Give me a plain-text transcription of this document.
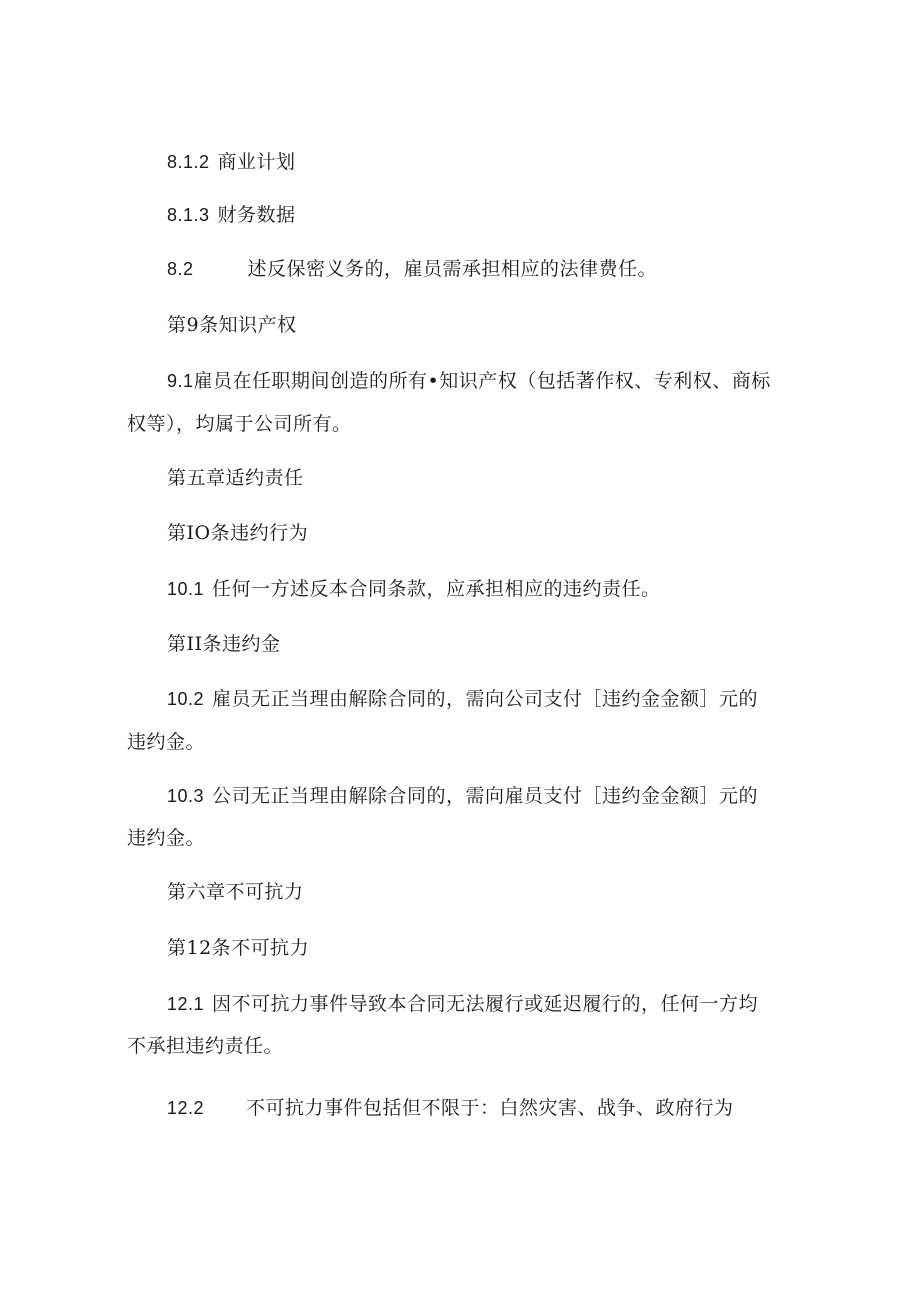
8.1.2 商业计划
8.1.3 财务数据
8.2	述反保密义务的，雇员需承担相应的法律费任。
第9条知识产权
9.1雇员在任职期间创造的所有•知识产权（包括著作权、专利权、商标
权等），均属于公司所有。
第五章适约责任
第IO条违约行为
10.1 任何一方述反本合同条款，应承担相应的违约责任。
第II条违约金
10.2 雇员无正当理由解除合同的，需向公司支付［违约金金额］元的
违约金。
10.3 公司无正当理由解除合同的，需向雇员支付［违约金金额］元的
违约金。
第六章不可抗力
第12条不可抗力
12.1 因不可抗力事件导致本合同无法履行或延迟履行的，任何一方均
不承担违约责任。
12.2 不可抗力事件包括但不限于：白然灾害、战争、政府行为
